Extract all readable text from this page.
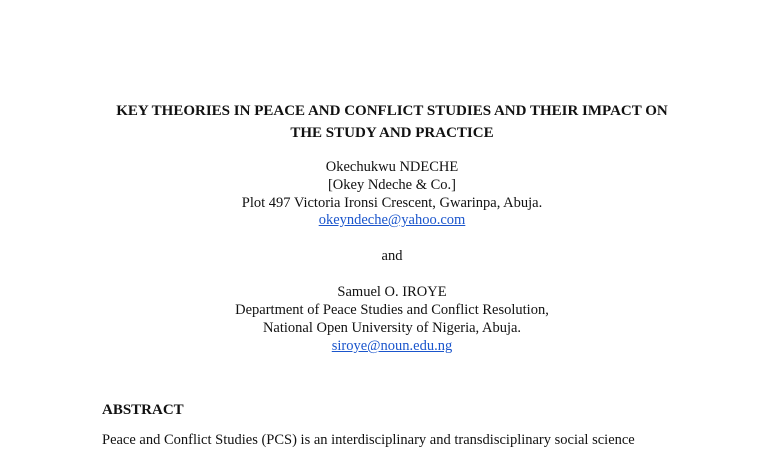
KEY THEORIES IN PEACE AND CONFLICT STUDIES AND THEIR IMPACT ON
THE STUDY AND PRACTICE
Okechukwu NDECHE
[Okey Ndeche & Co.]
Plot 497 Victoria Ironsi Crescent, Gwarinpa, Abuja.
okeyndeche@yahoo.com
and
Samuel O. IROYE
Department of Peace Studies and Conflict Resolution,
National Open University of Nigeria, Abuja.
siroye@noun.edu.ng
ABSTRACT
Peace and Conflict Studies (PCS) is an interdisciplinary and transdisciplinary social science
